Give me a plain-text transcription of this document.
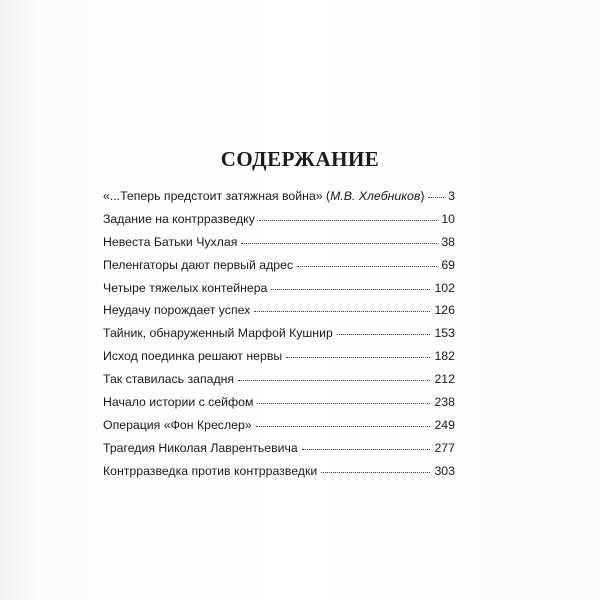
СОДЕРЖАНИЕ
«...Теперь предстоит затяжная война» (М.В. Хлебников) 3
Задание на контрразведку	10
Невеста Батьки Чухлая	38
Пеленгаторы дают первый адрес	69
Четыре тяжелых контейнера	102
Неудачу порождает успех	126
Тайник, обнаруженный Марфой Кушнир	153
Исход поединка решают нервы	182
Так ставилась западня	212
Начало истории с сейфом	238
Операция «Фон Креслер»	249
Трагедия Николая Лаврентьевича	277
Контрразведка против контрразведки	303
